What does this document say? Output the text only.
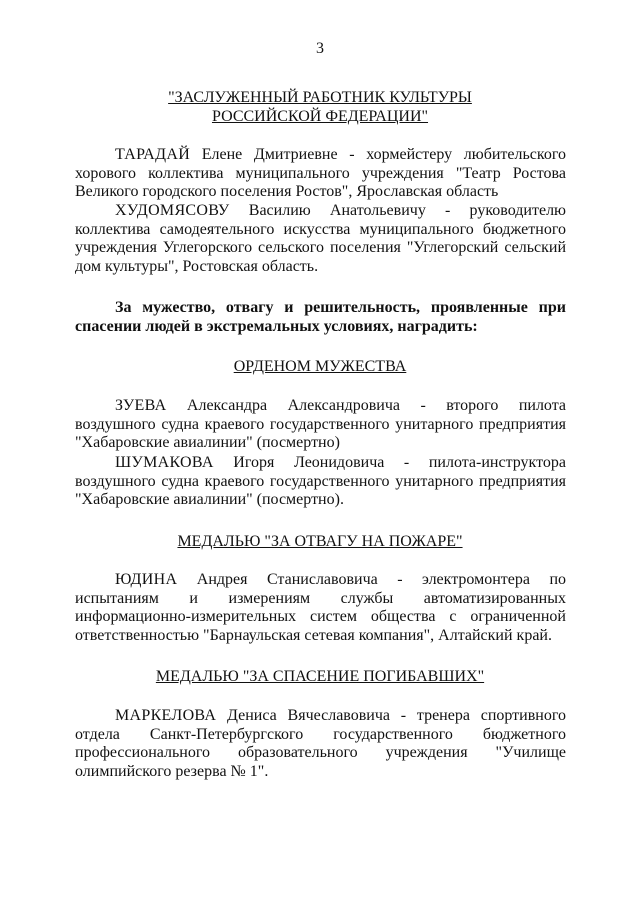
3
"ЗАСЛУЖЕННЫЙ РАБОТНИК КУЛЬТУРЫ
РОССИЙСКОЙ ФЕДЕРАЦИИ"
ТАРАДАЙ Елене Дмитриевне - хормейстеру любительского хорового коллектива муниципального учреждения "Театр Ростова Великого городского поселения Ростов", Ярославская область
ХУДОМЯСОВУ Василию Анатольевичу - руководителю коллектива самодеятельного искусства муниципального бюджетного учреждения Углегорского сельского поселения "Углегорский сельский дом культуры", Ростовская область.
За мужество, отвагу и решительность, проявленные при спасении людей в экстремальных условиях, наградить:
ОРДЕНОМ МУЖЕСТВА
ЗУЕВА Александра Александровича - второго пилота воздушного судна краевого государственного унитарного предприятия "Хабаровские авиалинии" (посмертно)
ШУМАКОВА Игоря Леонидовича - пилота-инструктора воздушного судна краевого государственного унитарного предприятия "Хабаровские авиалинии" (посмертно).
МЕДАЛЬЮ "ЗА ОТВАГУ НА ПОЖАРЕ"
ЮДИНА Андрея Станиславовича - электромонтера по испытаниям и измерениям службы автоматизированных информационно-измерительных систем общества с ограниченной ответственностью "Барнаульская сетевая компания", Алтайский край.
МЕДАЛЬЮ "ЗА СПАСЕНИЕ ПОГИБАВШИХ"
МАРКЕЛОВА Дениса Вячеславовича - тренера спортивного отдела Санкт-Петербургского государственного бюджетного профессионального образовательного учреждения "Училище олимпийского резерва № 1".
